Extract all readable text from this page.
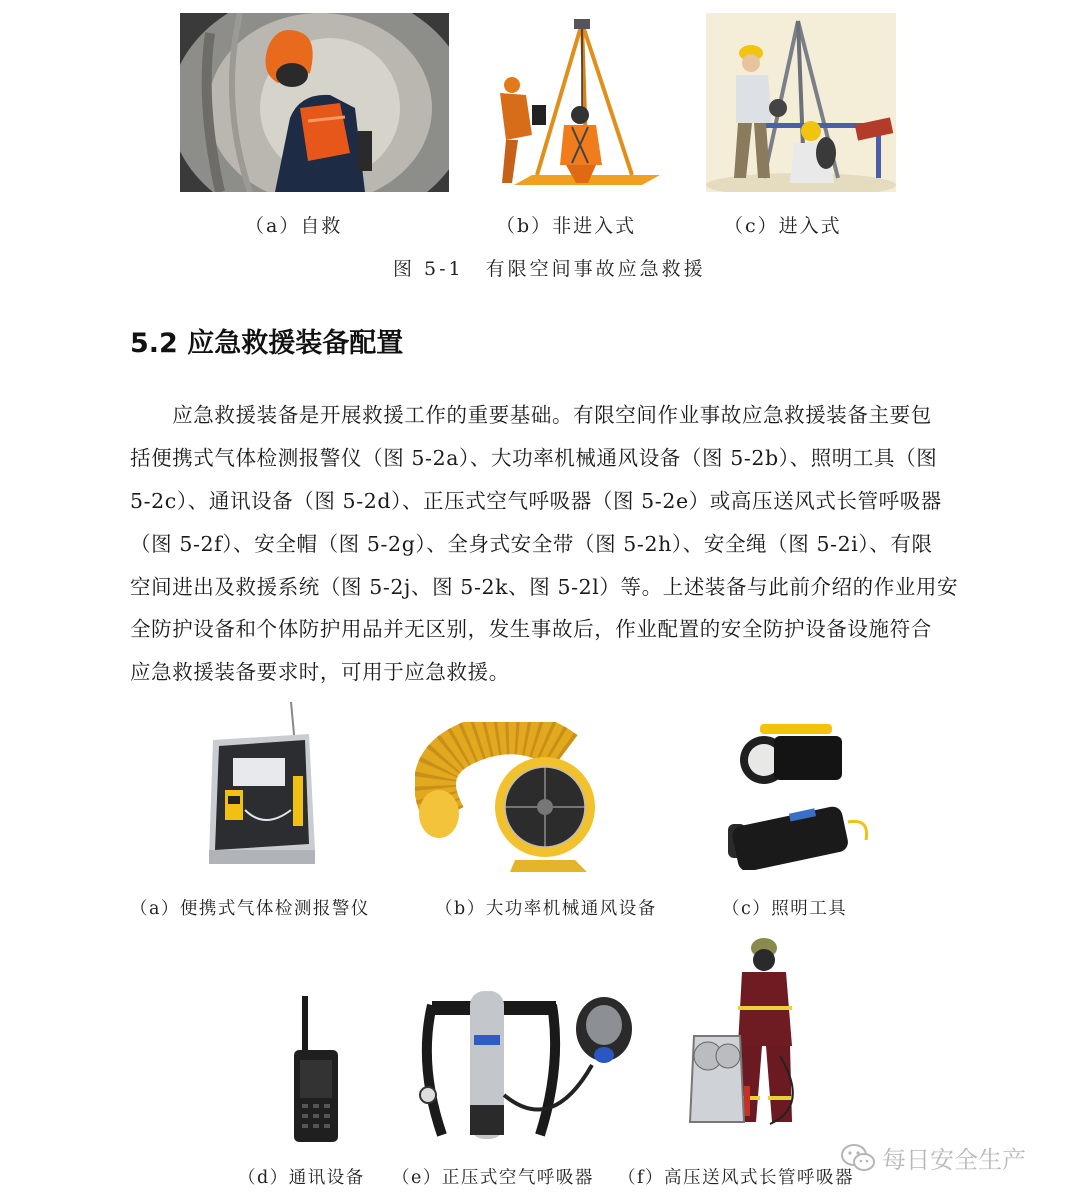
（a）自救	（b）非进入式	（c）进入式
图 5-1　有限空间事故应急救援
5.2 应急救援装备配置
　　应急救援装备是开展救援工作的重要基础。有限空间作业事故应急救援装备主要包
括便携式气体检测报警仪（图 5-2a）、大功率机械通风设备（图 5-2b）、照明工具（图
5-2c）、通讯设备（图 5-2d）、正压式空气呼吸器（图 5-2e）或高压送风式长管呼吸器
（图 5-2f）、安全帽（图 5-2g）、全身式安全带（图 5-2h）、安全绳（图 5-2i）、有限
空间进出及救援系统（图 5-2j、图 5-2k、图 5-2l）等。上述装备与此前介绍的作业用安
全防护设备和个体防护用品并无区别，发生事故后，作业配置的安全防护设备设施符合
应急救援装备要求时，可用于应急救援。
（a）便携式气体检测报警仪	（b）大功率机械通风设备	（c）照明工具
（d）通讯设备 （e）正压式空气呼吸器 （f）高压送风式长管呼吸器
每日安全生产
